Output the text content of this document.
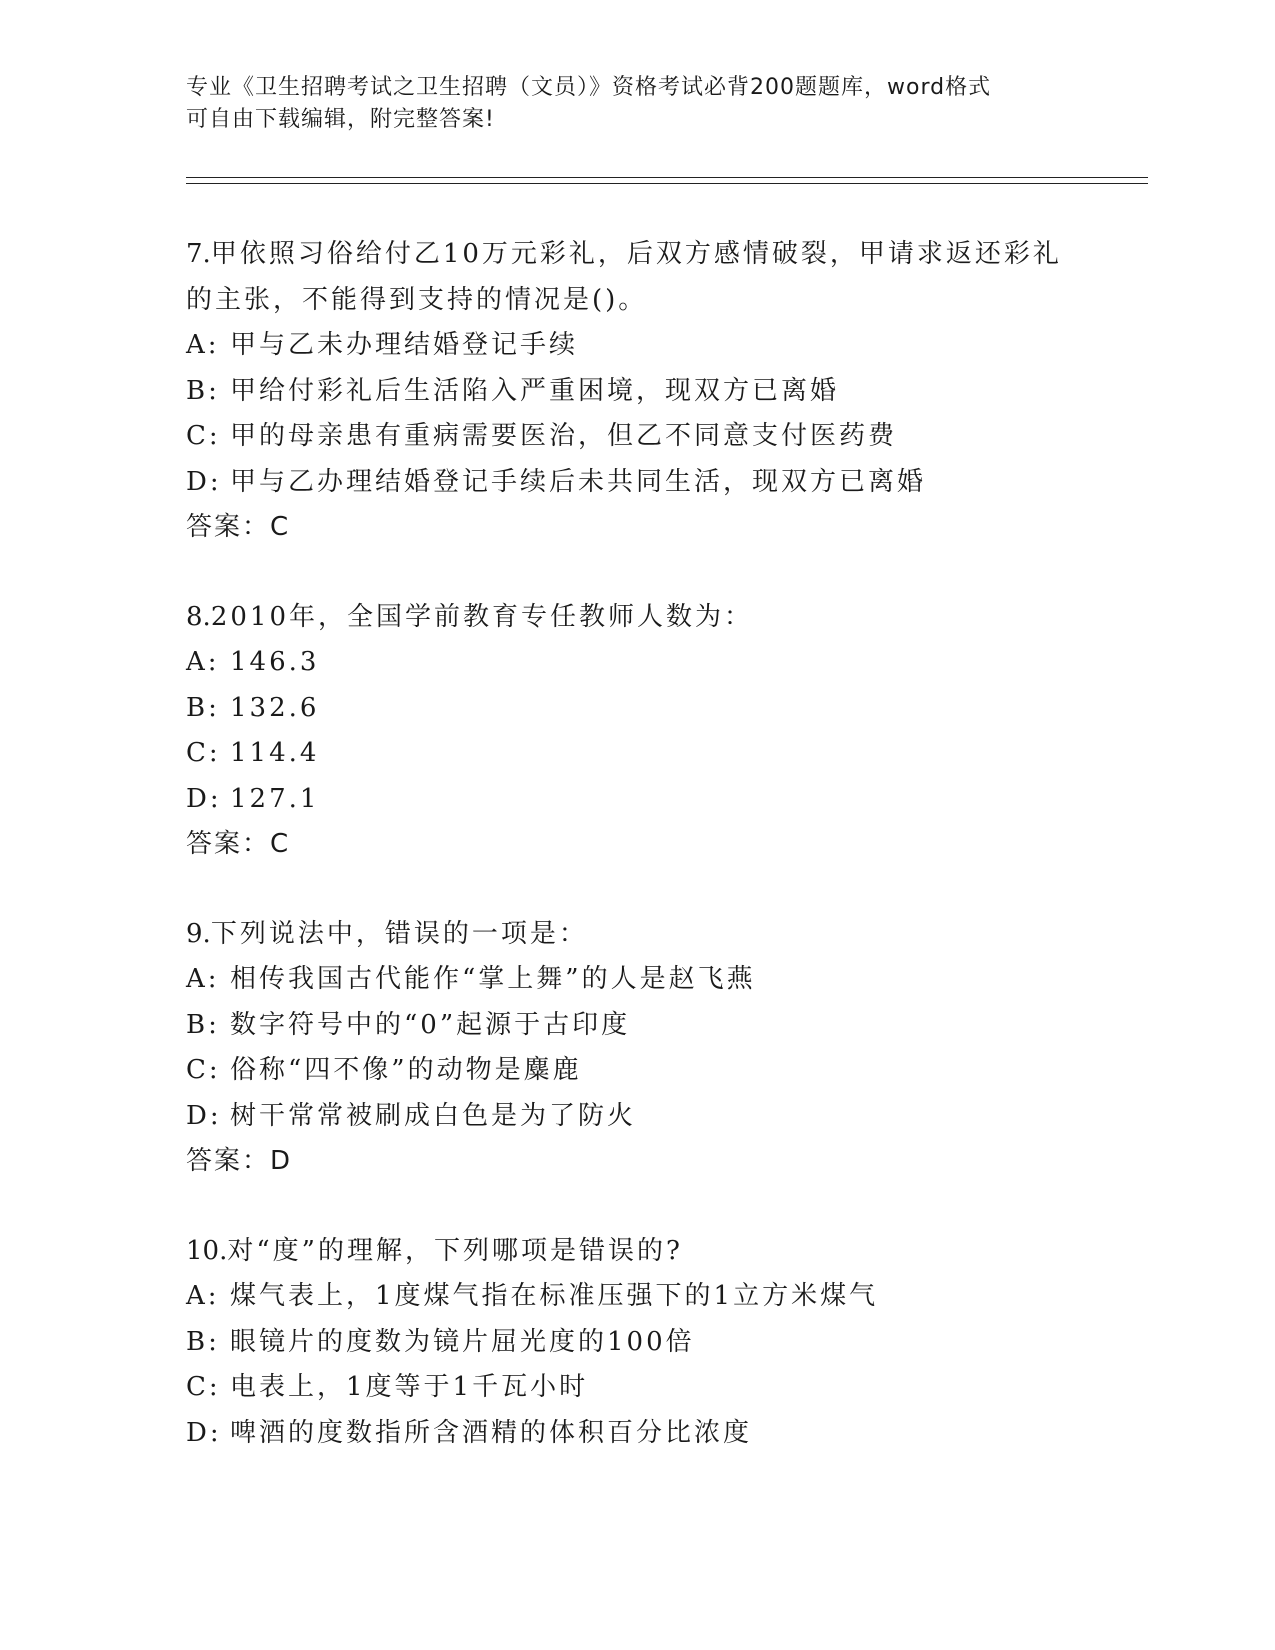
专业《卫生招聘考试之卫生招聘（文员）》资格考试必背200题题库，word格式
可自由下载编辑，附完整答案!
7.甲依照习俗给付乙10万元彩礼，后双方感情破裂，甲请求返还彩礼
的主张，不能得到支持的情况是()。
A: 甲与乙未办理结婚登记手续
B: 甲给付彩礼后生活陷入严重困境，现双方已离婚
C: 甲的母亲患有重病需要医治，但乙不同意支付医药费
D: 甲与乙办理结婚登记手续后未共同生活，现双方已离婚
答案：C
8.2010年，全国学前教育专任教师人数为：
A: 146.3
B: 132.6
C: 114.4
D: 127.1
答案：C
9.下列说法中，错误的一项是：
A: 相传我国古代能作“掌上舞”的人是赵飞燕
B: 数字符号中的“0”起源于古印度
C: 俗称“四不像”的动物是麋鹿
D: 树干常常被刷成白色是为了防火
答案：D
10.对“度”的理解，下列哪项是错误的?
A: 煤气表上，1度煤气指在标准压强下的1立方米煤气
B: 眼镜片的度数为镜片屈光度的100倍
C: 电表上，1度等于1千瓦小时
D: 啤酒的度数指所含酒精的体积百分比浓度
